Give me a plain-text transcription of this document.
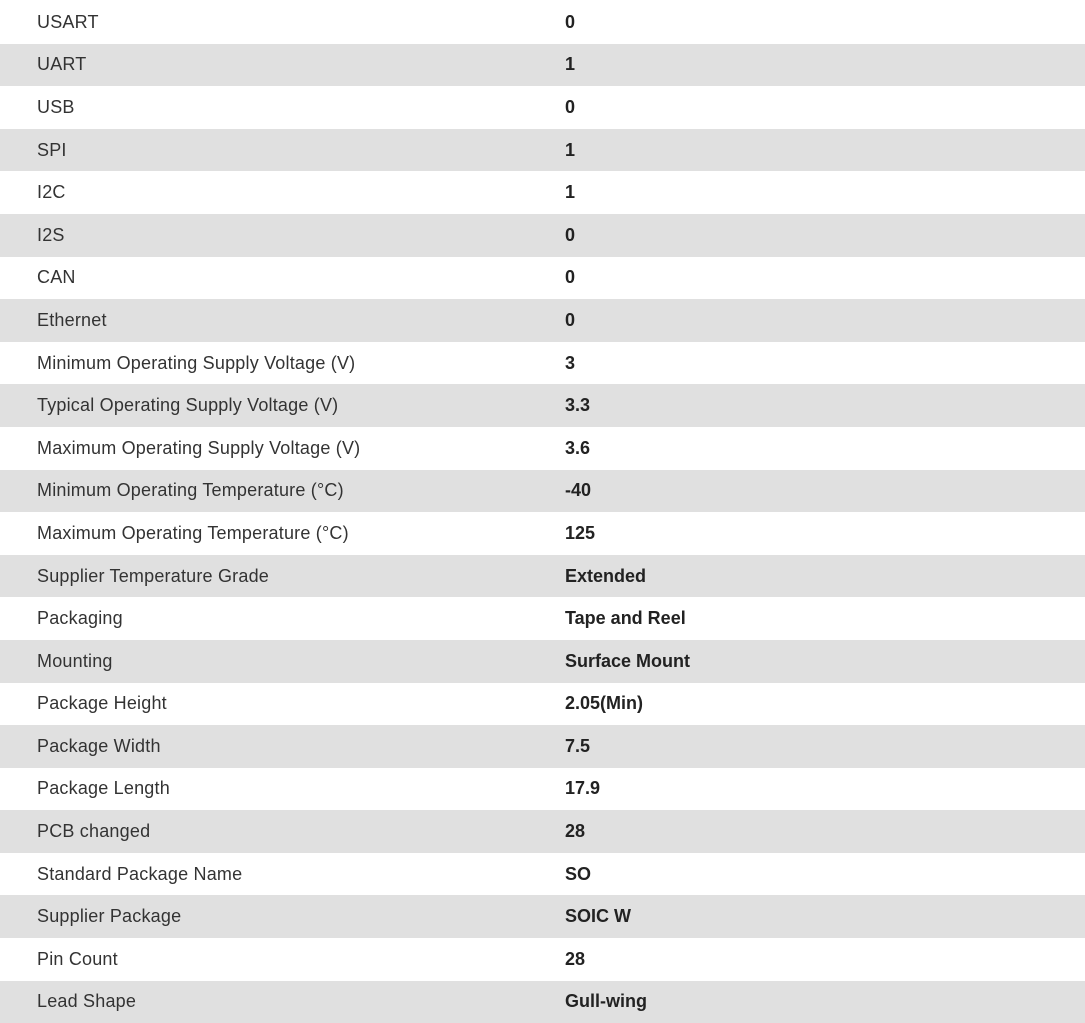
USART	0
UART	1
USB	0
SPI	1
I2C	1
I2S	0
CAN	0
Ethernet	0
Minimum Operating Supply Voltage (V)	3
Typical Operating Supply Voltage (V)	3.3
Maximum Operating Supply Voltage (V)	3.6
Minimum Operating Temperature (°C)	-40
Maximum Operating Temperature (°C)	125
Supplier Temperature Grade	Extended
Packaging	Tape and Reel
Mounting	Surface Mount
Package Height	2.05(Min)
Package Width	7.5
Package Length	17.9
PCB changed	28
Standard Package Name	SO
Supplier Package	SOIC W
Pin Count	28
Lead Shape	Gull-wing
